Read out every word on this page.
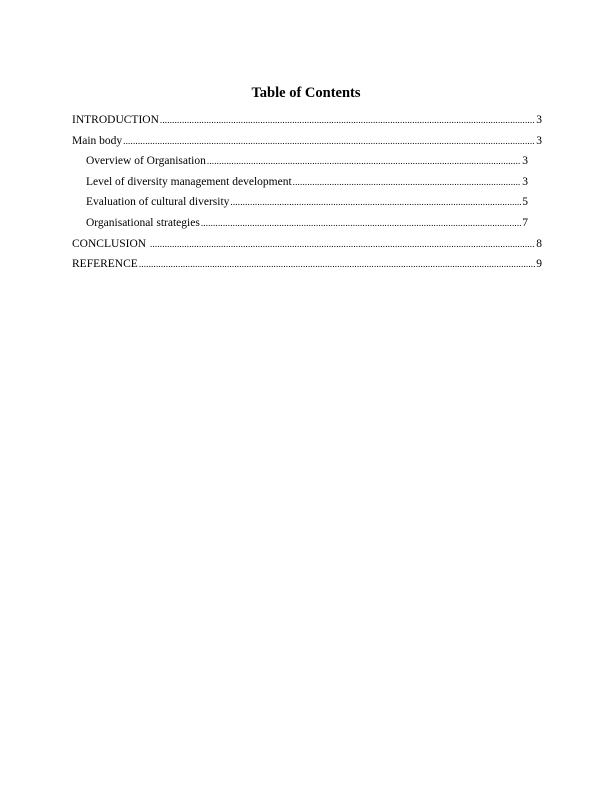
Table of Contents
INTRODUCTION .....	3
Main body .....	3
Overview of Organisation .....	3
Level of diversity management development .....	3
Evaluation of cultural diversity .....	5
Organisational strategies .....	7
CONCLUSION .....	8
REFERENCE .....	9
